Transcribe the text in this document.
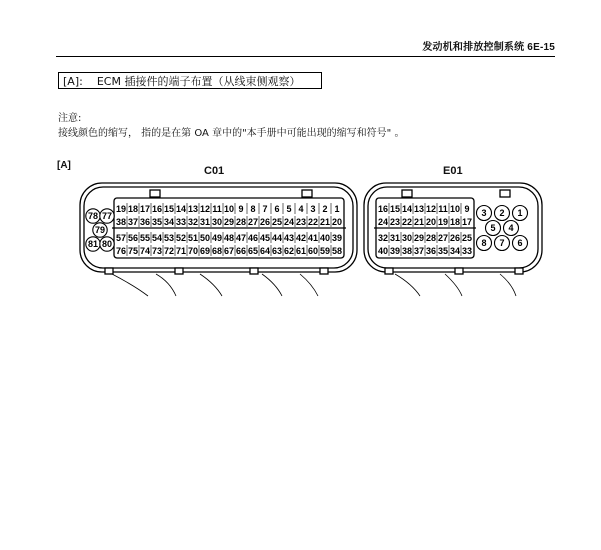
发动机和排放控制系统 6E-15
[A]: ECM 插接件的端子布置（从线束侧观察）
注意:
接线颜色的缩写， 指的是在第 OA 章中的"本手册中可能出现的缩写和符号" 。
[A]	C01	E01
19 18 17 16 15 14 13 12 11 10 9 8 7 6 5 4 3 2 1
38 37 36 35 34 33 32 31 30 29 28 27 26 25 24 23 22 21 20
57 56 55 54 53 52 51 50 49 48 47 46 45 44 43 42 41 40 39
76 75 74 73 72 71 70 69 68 67 66 65 64 63 62 61 60 59 58
78 77
79
81 80
16 15 14 13 12 11 10 9
24 23 22 21 20 19 18 17
32 31 30 29 28 27 26 25
40 39 38 37 36 35 34 33
3 2 1
5 4
8 7 6
